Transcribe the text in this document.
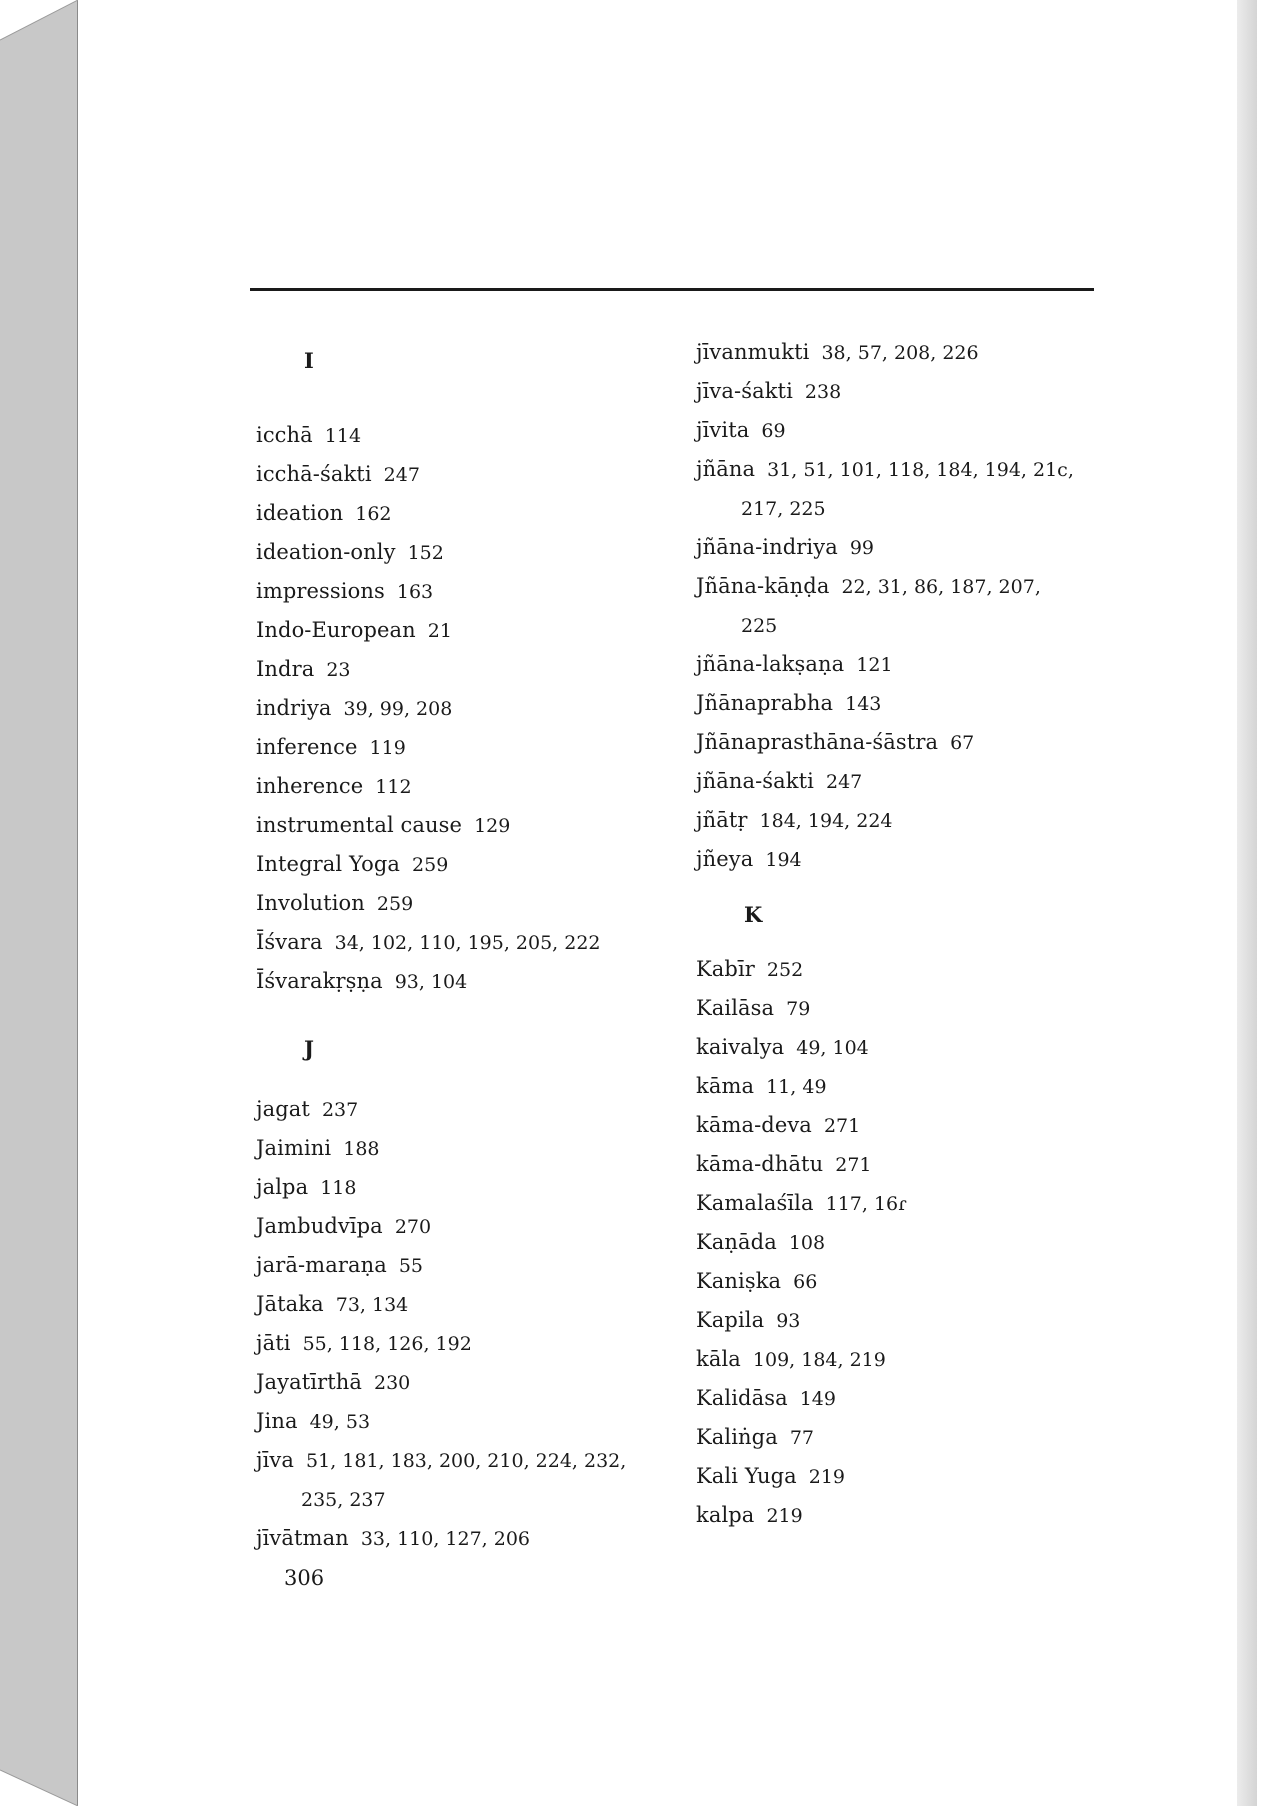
I
icchā 114
icchā-śakti 247
ideation 162
ideation-only 152
impressions 163
Indo-European 21
Indra 23
indriya 39, 99, 208
inference 119
inherence 112
instrumental cause 129
Integral Yoga 259
Involution 259
Īśvara 34, 102, 110, 195, 205, 222
Īśvarakṛṣṇa 93, 104
J
jagat 237
Jaimini 188
jalpa 118
Jambudvīpa 270
jarā-maraṇa 55
Jātaka 73, 134
jāti 55, 118, 126, 192
Jayatīrthā 230
Jina 49, 53
jīva 51, 181, 183, 200, 210, 224, 232,
235, 237
jīvātman 33, 110, 127, 206
jīvanmukti 38, 57, 208, 226
jīva-śakti 238
jīvita 69
jñāna 31, 51, 101, 118, 184, 194, 21c,
217, 225
jñāna-indriya 99
Jñāna-kāṇḍa 22, 31, 86, 187, 207,
225
jñāna-lakṣaṇa 121
Jñānaprabha 143
Jñānaprasthāna-śāstra 67
jñāna-śakti 247
jñātṛ 184, 194, 224
jñeya 194
K
Kabīr 252
Kailāsa 79
kaivalya 49, 104
kāma 11, 49
kāma-deva 271
kāma-dhātu 271
Kamalaśīla 117, 16ɾ
Kaṇāda 108
Kaniṣka 66
Kapila 93
kāla 109, 184, 219
Kalidāsa 149
Kaliṅga 77
Kali Yuga 219
kalpa 219
306
